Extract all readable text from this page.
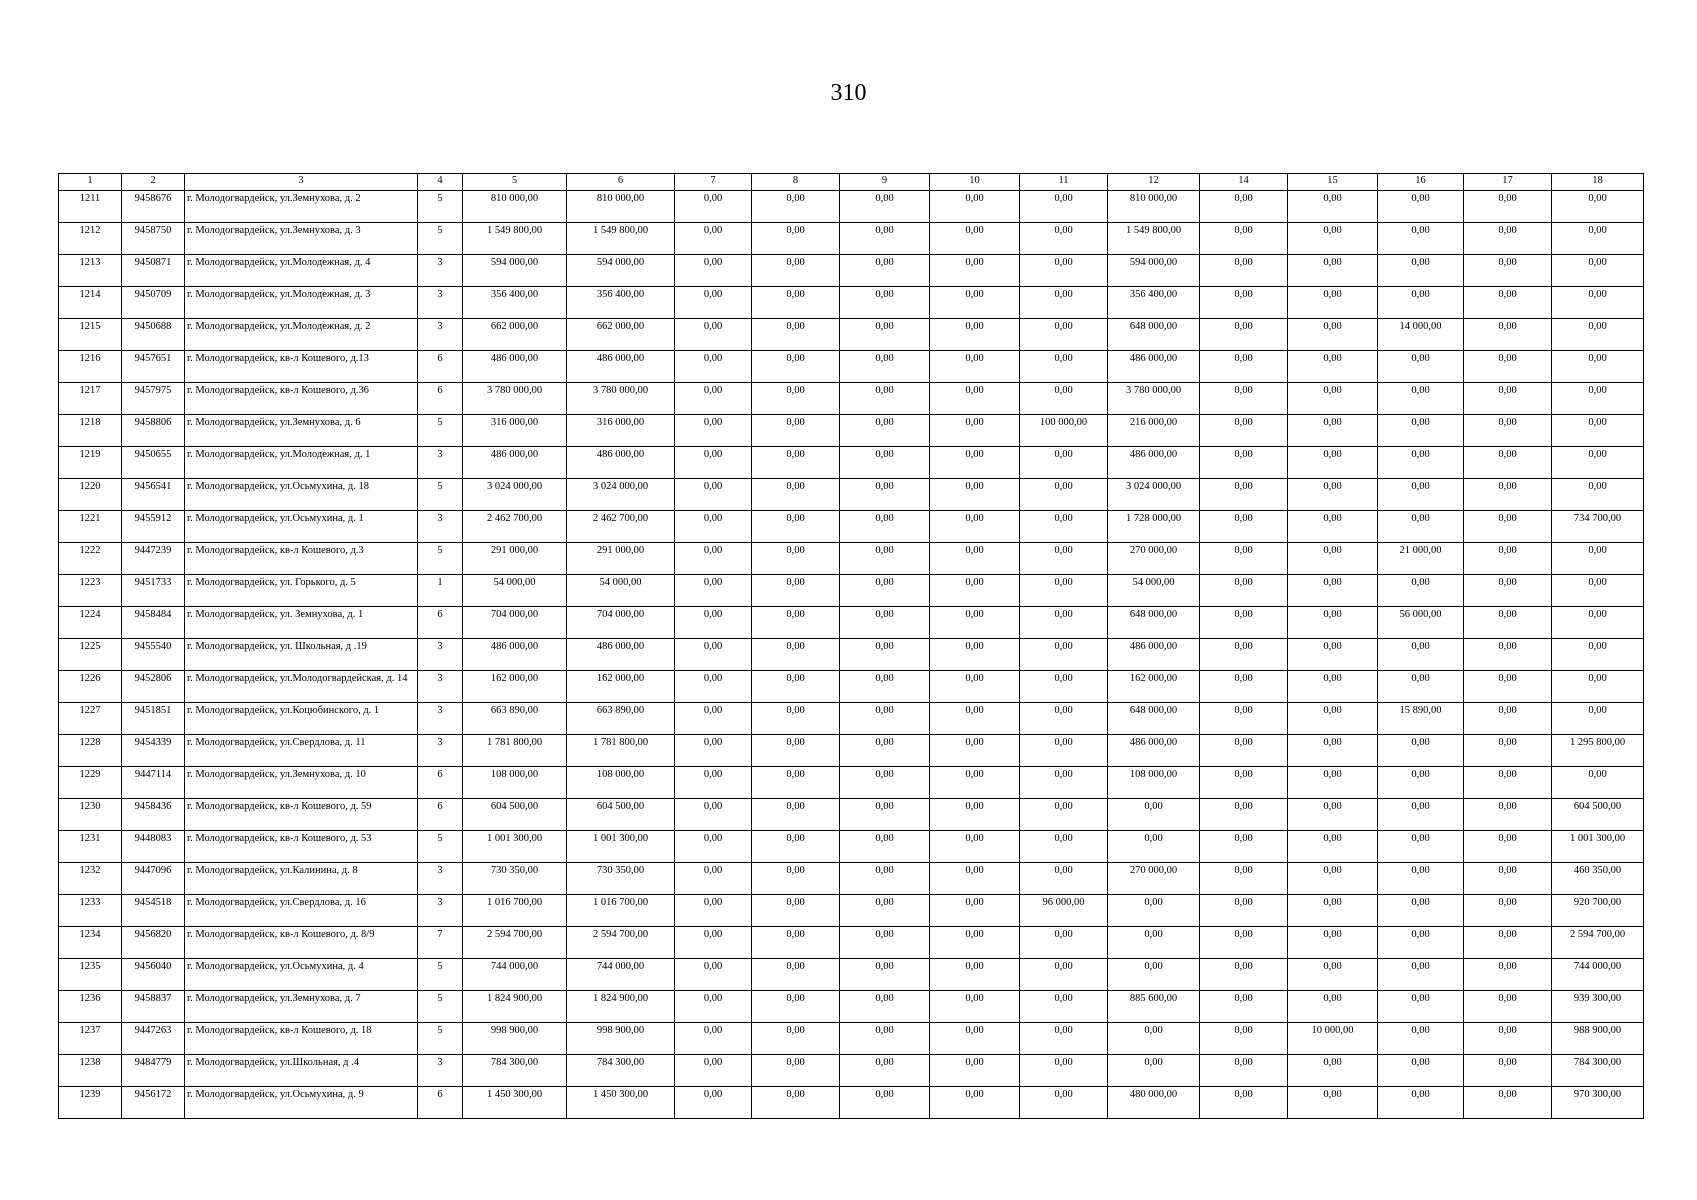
310
1	2	3	4	5	6	7	8	9	10	11	12	14	15	16	17	18
1211	9458676	г. Молодогвардейск, ул.Земнухова, д. 2	5	810 000,00	810 000,00	0,00	0,00	0,00	0,00	0,00	810 000,00	0,00	0,00	0,00	0,00	0,00
1212	9458750	г. Молодогвардейск, ул.Земнухова, д. 3	5	1 549 800,00	1 549 800,00	0,00	0,00	0,00	0,00	0,00	1 549 800,00	0,00	0,00	0,00	0,00	0,00
1213	9450871	г. Молодогвардейск, ул.Молодежная, д. 4	3	594 000,00	594 000,00	0,00	0,00	0,00	0,00	0,00	594 000,00	0,00	0,00	0,00	0,00	0,00
1214	9450709	г. Молодогвардейск, ул.Молодежная, д. 3	3	356 400,00	356 400,00	0,00	0,00	0,00	0,00	0,00	356 400,00	0,00	0,00	0,00	0,00	0,00
1215	9450688	г. Молодогвардейск, ул.Молодежная, д. 2	3	662 000,00	662 000,00	0,00	0,00	0,00	0,00	0,00	648 000,00	0,00	0,00	14 000,00	0,00	0,00
1216	9457651	г. Молодогвардейск, кв-л Кошевого, д.13	6	486 000,00	486 000,00	0,00	0,00	0,00	0,00	0,00	486 000,00	0,00	0,00	0,00	0,00	0,00
1217	9457975	г. Молодогвардейск, кв-л Кошевого, д.36	6	3 780 000,00	3 780 000,00	0,00	0,00	0,00	0,00	0,00	3 780 000,00	0,00	0,00	0,00	0,00	0,00
1218	9458806	г. Молодогвардейск, ул.Земнухова, д. 6	5	316 000,00	316 000,00	0,00	0,00	0,00	0,00	100 000,00	216 000,00	0,00	0,00	0,00	0,00	0,00
1219	9450655	г. Молодогвардейск, ул.Молодежная, д. 1	3	486 000,00	486 000,00	0,00	0,00	0,00	0,00	0,00	486 000,00	0,00	0,00	0,00	0,00	0,00
1220	9456541	г. Молодогвардейск, ул.Осьмухина, д. 18	5	3 024 000,00	3 024 000,00	0,00	0,00	0,00	0,00	0,00	3 024 000,00	0,00	0,00	0,00	0,00	0,00
1221	9455912	г. Молодогвардейск, ул.Осьмухина, д. 1	3	2 462 700,00	2 462 700,00	0,00	0,00	0,00	0,00	0,00	1 728 000,00	0,00	0,00	0,00	0,00	734 700,00
1222	9447239	г. Молодогвардейск, кв-л Кошевого, д.3	5	291 000,00	291 000,00	0,00	0,00	0,00	0,00	0,00	270 000,00	0,00	0,00	21 000,00	0,00	0,00
1223	9451733	г. Молодогвардейск, ул. Горького, д. 5	1	54 000,00	54 000,00	0,00	0,00	0,00	0,00	0,00	54 000,00	0,00	0,00	0,00	0,00	0,00
1224	9458484	г. Молодогвардейск, ул. Земнухова, д. 1	6	704 000,00	704 000,00	0,00	0,00	0,00	0,00	0,00	648 000,00	0,00	0,00	56 000,00	0,00	0,00
1225	9455540	г. Молодогвардейск, ул. Школьная, д .19	3	486 000,00	486 000,00	0,00	0,00	0,00	0,00	0,00	486 000,00	0,00	0,00	0,00	0,00	0,00
1226	9452806	г. Молодогвардейск, ул.Молодогвардейская, д. 14	3	162 000,00	162 000,00	0,00	0,00	0,00	0,00	0,00	162 000,00	0,00	0,00	0,00	0,00	0,00
1227	9451851	г. Молодогвардейск, ул.Коцюбинского, д. 1	3	663 890,00	663 890,00	0,00	0,00	0,00	0,00	0,00	648 000,00	0,00	0,00	15 890,00	0,00	0,00
1228	9454339	г. Молодогвардейск, ул.Свердлова, д. 11	3	1 781 800,00	1 781 800,00	0,00	0,00	0,00	0,00	0,00	486 000,00	0,00	0,00	0,00	0,00	1 295 800,00
1229	9447114	г. Молодогвардейск, ул.Земнухова, д. 10	6	108 000,00	108 000,00	0,00	0,00	0,00	0,00	0,00	108 000,00	0,00	0,00	0,00	0,00	0,00
1230	9458436	г. Молодогвардейск, кв-л Кошевого, д. 59	6	604 500,00	604 500,00	0,00	0,00	0,00	0,00	0,00	0,00	0,00	0,00	0,00	0,00	604 500,00
1231	9448083	г. Молодогвардейск, кв-л Кошевого, д. 53	5	1 001 300,00	1 001 300,00	0,00	0,00	0,00	0,00	0,00	0,00	0,00	0,00	0,00	0,00	1 001 300,00
1232	9447096	г. Молодогвардейск, ул.Калинина, д. 8	3	730 350,00	730 350,00	0,00	0,00	0,00	0,00	0,00	270 000,00	0,00	0,00	0,00	0,00	460 350,00
1233	9454518	г. Молодогвардейск, ул.Свердлова, д. 16	3	1 016 700,00	1 016 700,00	0,00	0,00	0,00	0,00	96 000,00	0,00	0,00	0,00	0,00	0,00	920 700,00
1234	9456820	г. Молодогвардейск, кв-л Кошевого, д. 8/9	7	2 594 700,00	2 594 700,00	0,00	0,00	0,00	0,00	0,00	0,00	0,00	0,00	0,00	0,00	2 594 700,00
1235	9456040	г. Молодогвардейск, ул.Осьмухина, д. 4	5	744 000,00	744 000,00	0,00	0,00	0,00	0,00	0,00	0,00	0,00	0,00	0,00	0,00	744 000,00
1236	9458837	г. Молодогвардейск, ул.Земнухова, д. 7	5	1 824 900,00	1 824 900,00	0,00	0,00	0,00	0,00	0,00	885 600,00	0,00	0,00	0,00	0,00	939 300,00
1237	9447263	г. Молодогвардейск, кв-л Кошевого, д. 18	5	998 900,00	998 900,00	0,00	0,00	0,00	0,00	0,00	0,00	0,00	10 000,00	0,00	0,00	988 900,00
1238	9484779	г. Молодогвардейск, ул.Школьная, д .4	3	784 300,00	784 300,00	0,00	0,00	0,00	0,00	0,00	0,00	0,00	0,00	0,00	0,00	784 300,00
1239	9456172	г. Молодогвардейск, ул.Осьмухина, д. 9	6	1 450 300,00	1 450 300,00	0,00	0,00	0,00	0,00	0,00	480 000,00	0,00	0,00	0,00	0,00	970 300,00
